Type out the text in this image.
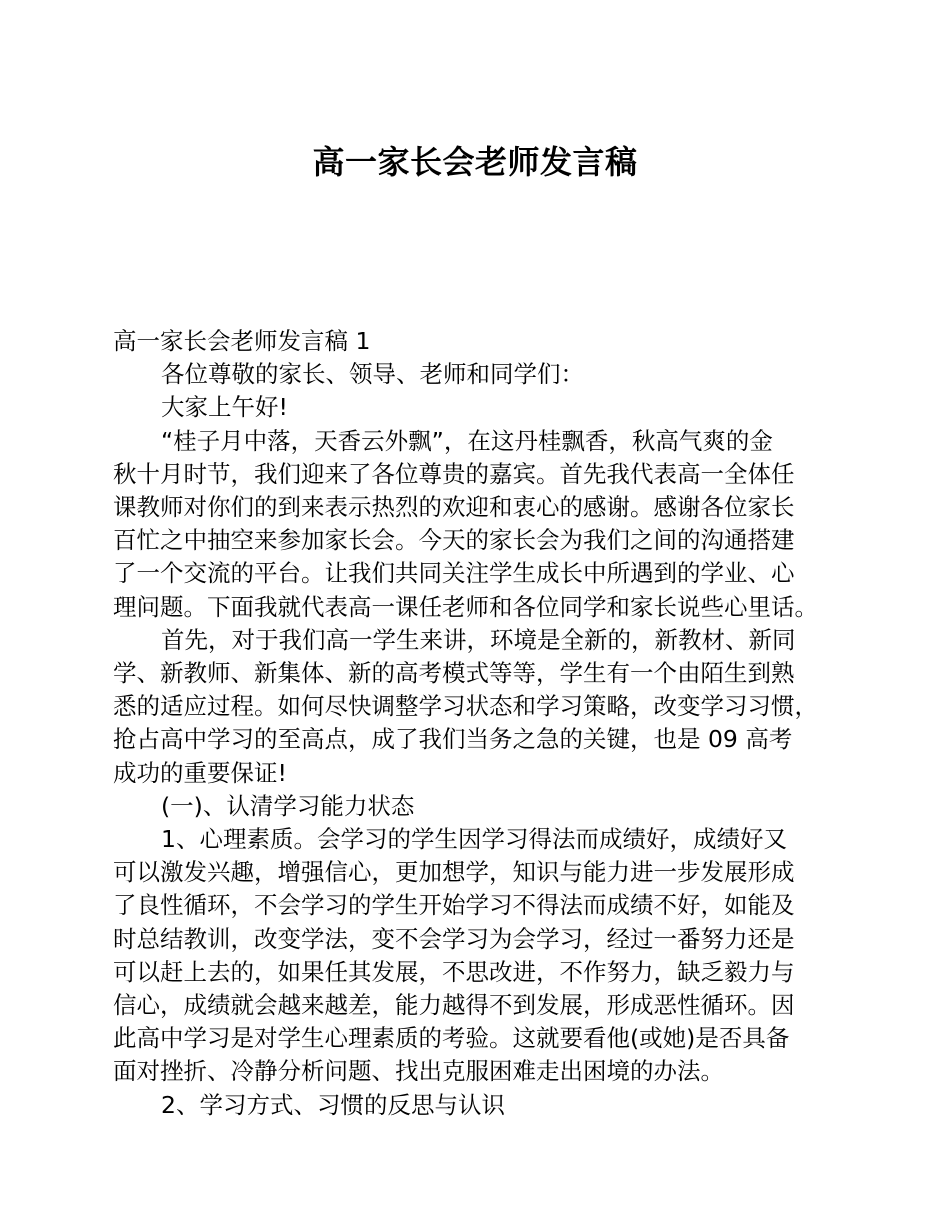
高一家长会老师发言稿

高一家长会老师发言稿 1

各位尊敬的家长、领导、老师和同学们：

大家上午好!

“桂子月中落，天香云外飘”，在这丹桂飘香，秋高气爽的金

秋十月时节，我们迎来了各位尊贵的嘉宾。首先我代表高一全体任

课教师对你们的到来表示热烈的欢迎和衷心的感谢。感谢各位家长

百忙之中抽空来参加家长会。今天的家长会为我们之间的沟通搭建

了一个交流的平台。让我们共同关注学生成长中所遇到的学业、心

理问题。下面我就代表高一课任老师和各位同学和家长说些心里话。

首先，对于我们高一学生来讲，环境是全新的，新教材、新同

学、新教师、新集体、新的高考模式等等，学生有一个由陌生到熟

悉的适应过程。如何尽快调整学习状态和学习策略，改变学习习惯，

抢占高中学习的至高点，成了我们当务之急的关键，也是 09 高考

成功的重要保证!

(一)、认清学习能力状态

1、心理素质。会学习的学生因学习得法而成绩好，成绩好又

可以激发兴趣，增强信心，更加想学，知识与能力进一步发展形成

了良性循环，不会学习的学生开始学习不得法而成绩不好，如能及

时总结教训，改变学法，变不会学习为会学习，经过一番努力还是

可以赶上去的，如果任其发展，不思改进，不作努力，缺乏毅力与

信心，成绩就会越来越差，能力越得不到发展，形成恶性循环。因

此高中学习是对学生心理素质的考验。这就要看他(或她)是否具备

面对挫折、冷静分析问题、找出克服困难走出困境的办法。

2、学习方式、习惯的反思与认识
